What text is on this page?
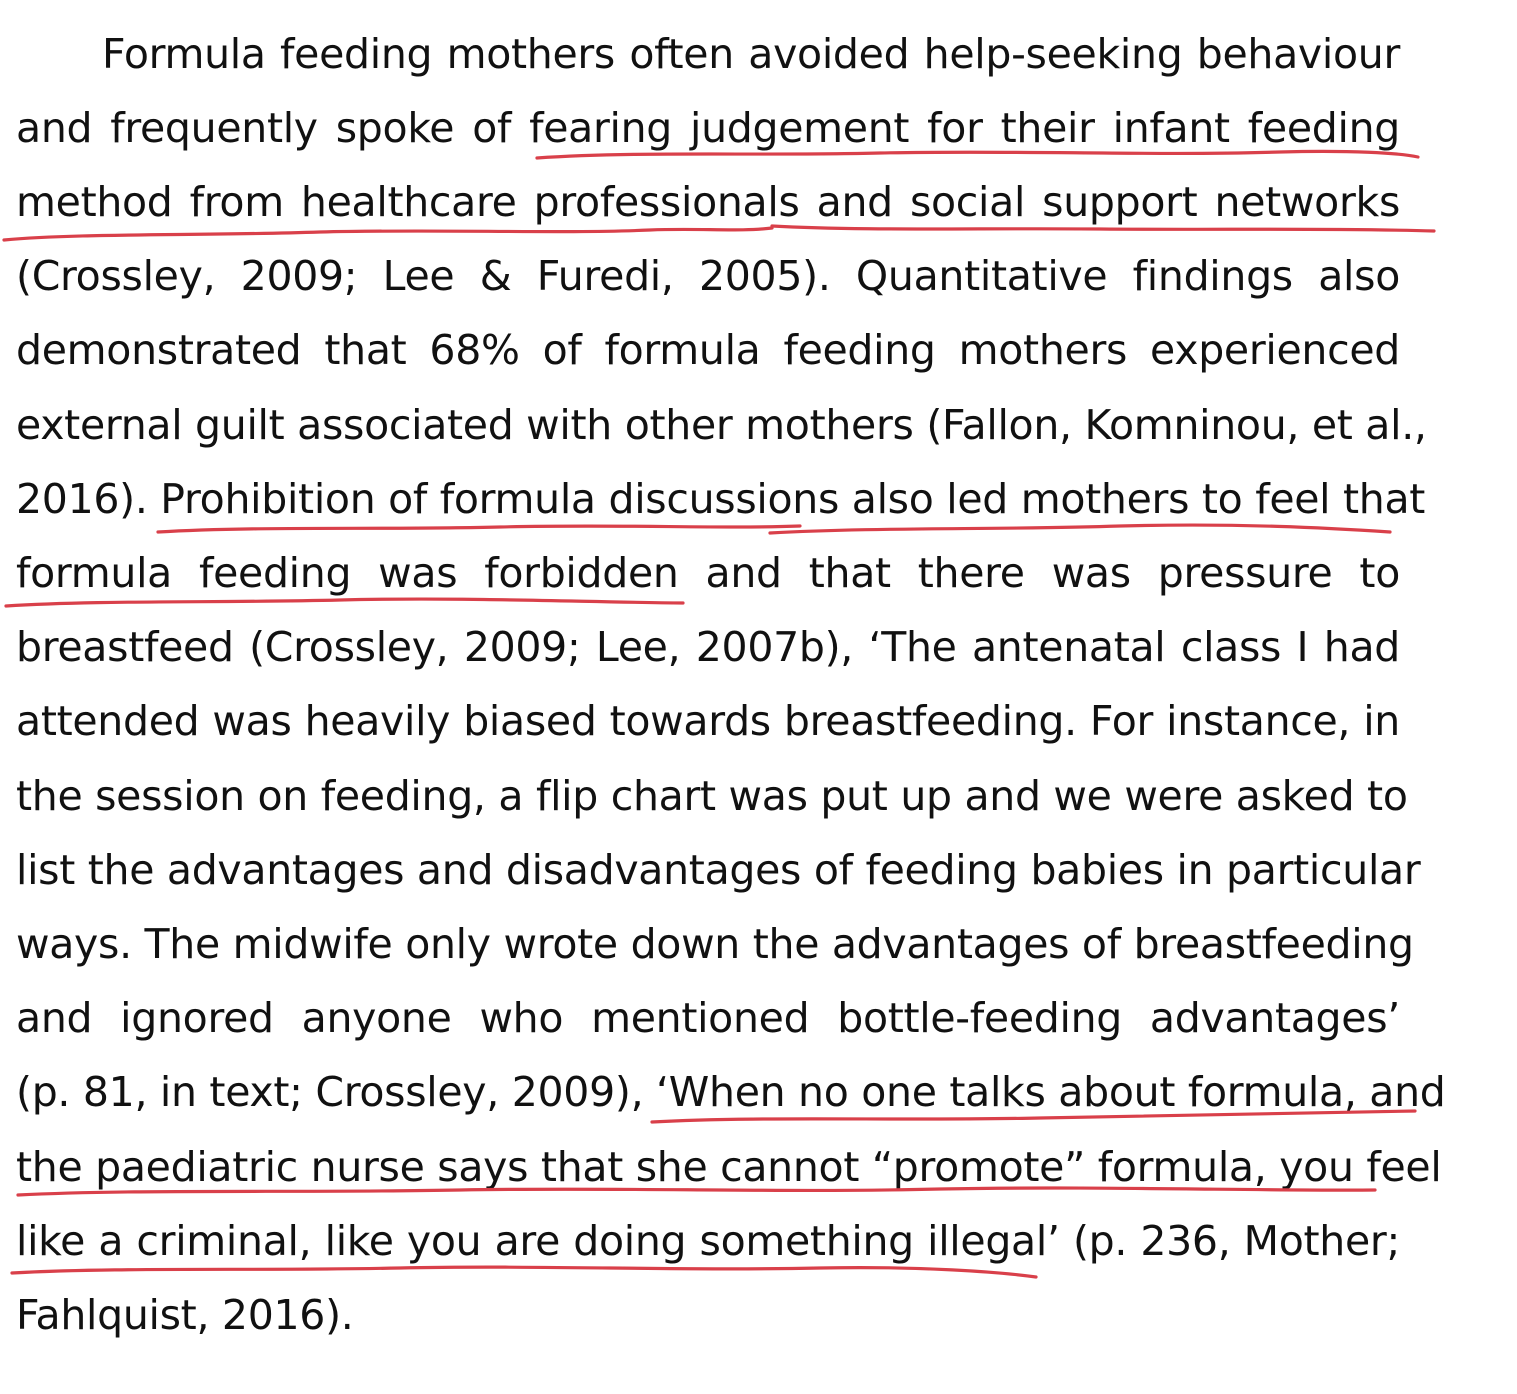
Formula feeding mothers often avoided help-seeking behaviour
and frequently spoke of fearing judgement for their infant feeding
method from healthcare professionals and social support networks
(Crossley, 2009; Lee & Furedi, 2005). Quantitative findings also
demonstrated that 68% of formula feeding mothers experienced
external guilt associated with other mothers (Fallon, Komninou, et al.,
2016). Prohibition of formula discussions also led mothers to feel that
formula feeding was forbidden and that there was pressure to
breastfeed (Crossley, 2009; Lee, 2007b), ‘The antenatal class I had
attended was heavily biased towards breastfeeding. For instance, in
the session on feeding, a flip chart was put up and we were asked to
list the advantages and disadvantages of feeding babies in particular
ways. The midwife only wrote down the advantages of breastfeeding
and ignored anyone who mentioned bottle-feeding advantages’
(p. 81, in text; Crossley, 2009), ‘When no one talks about formula, and
the paediatric nurse says that she cannot “promote” formula, you feel
like a criminal, like you are doing something illegal’ (p. 236, Mother;
Fahlquist, 2016).
